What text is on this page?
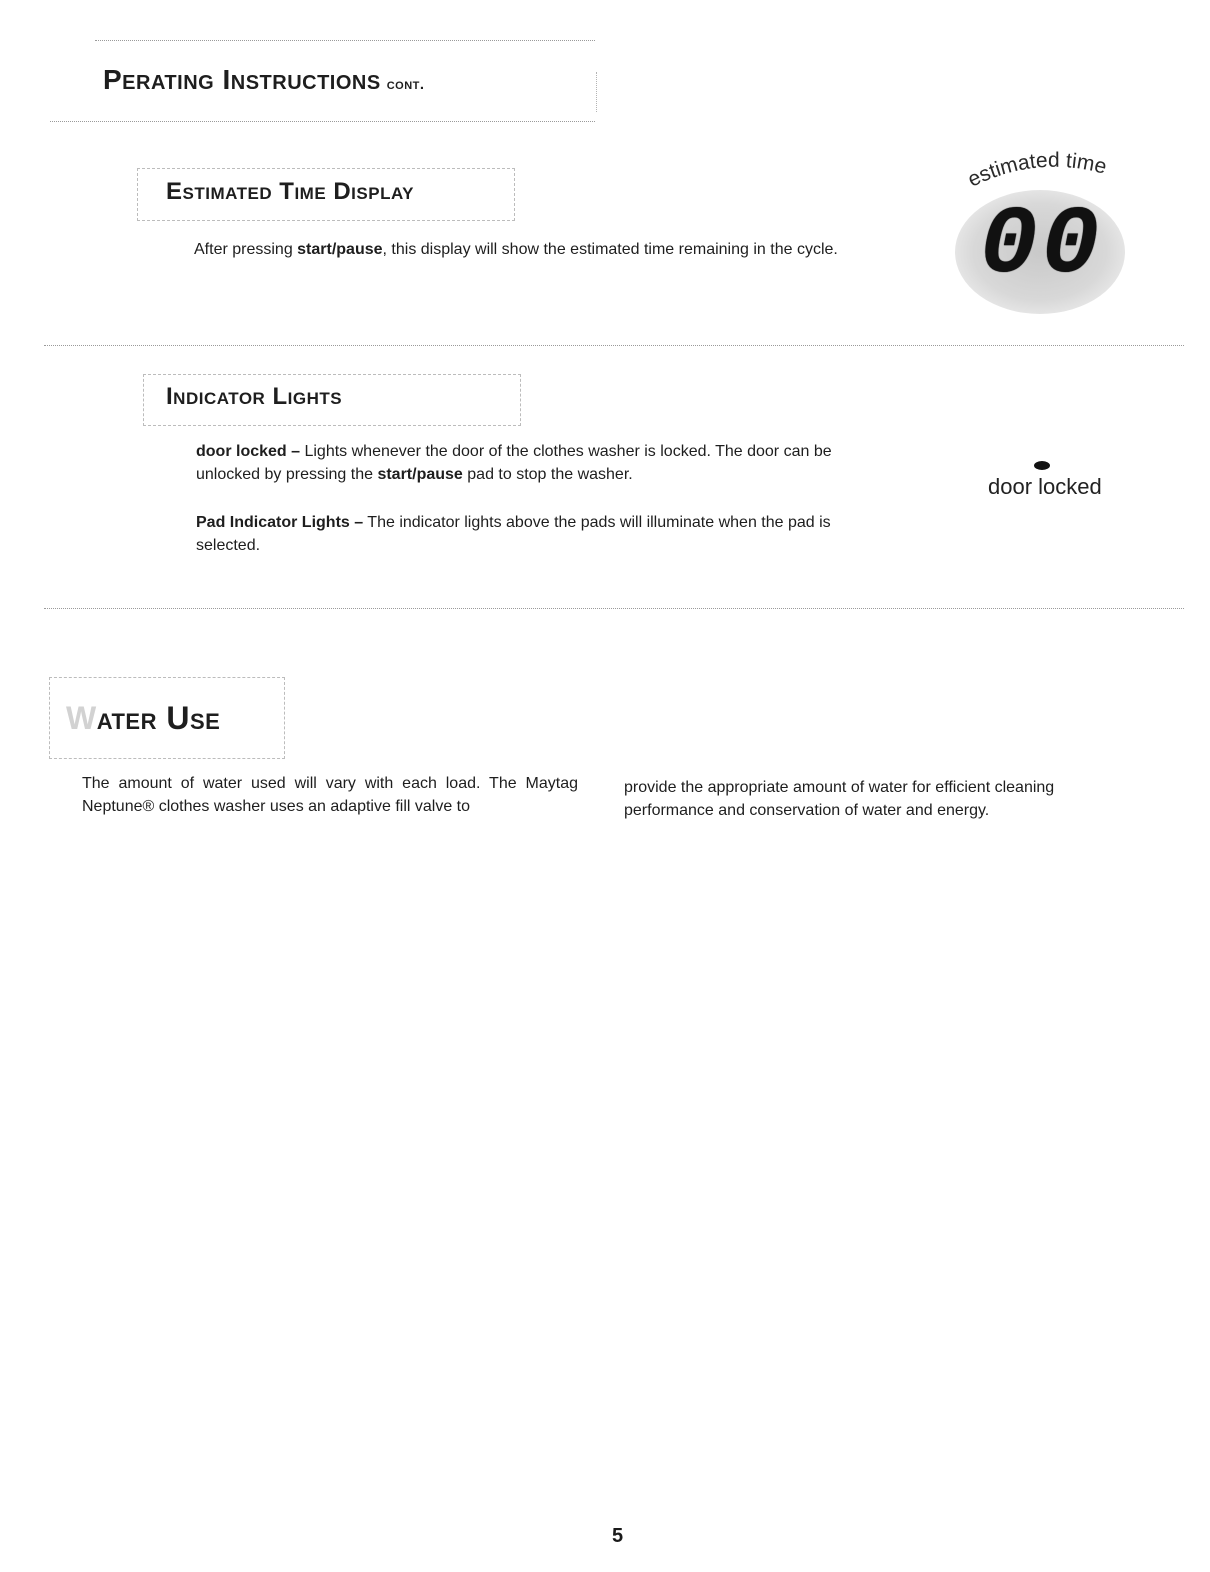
Perating Instructions cont.
Estimated Time Display
After pressing start/pause, this display will show the estimated time remaining in the cycle.
estimated time
00
Indicator Lights
door locked – Lights whenever the door of the clothes washer is locked. The door can be unlocked by pressing the start/pause pad to stop the washer.
Pad Indicator Lights – The indicator lights above the pads will illuminate when the pad is selected.
door locked
Water Use
The amount of water used will vary with each load. The Maytag Neptune® clothes washer uses an adaptive fill valve to
provide the appropriate amount of water for efficient cleaning performance and conservation of water and energy.
5
